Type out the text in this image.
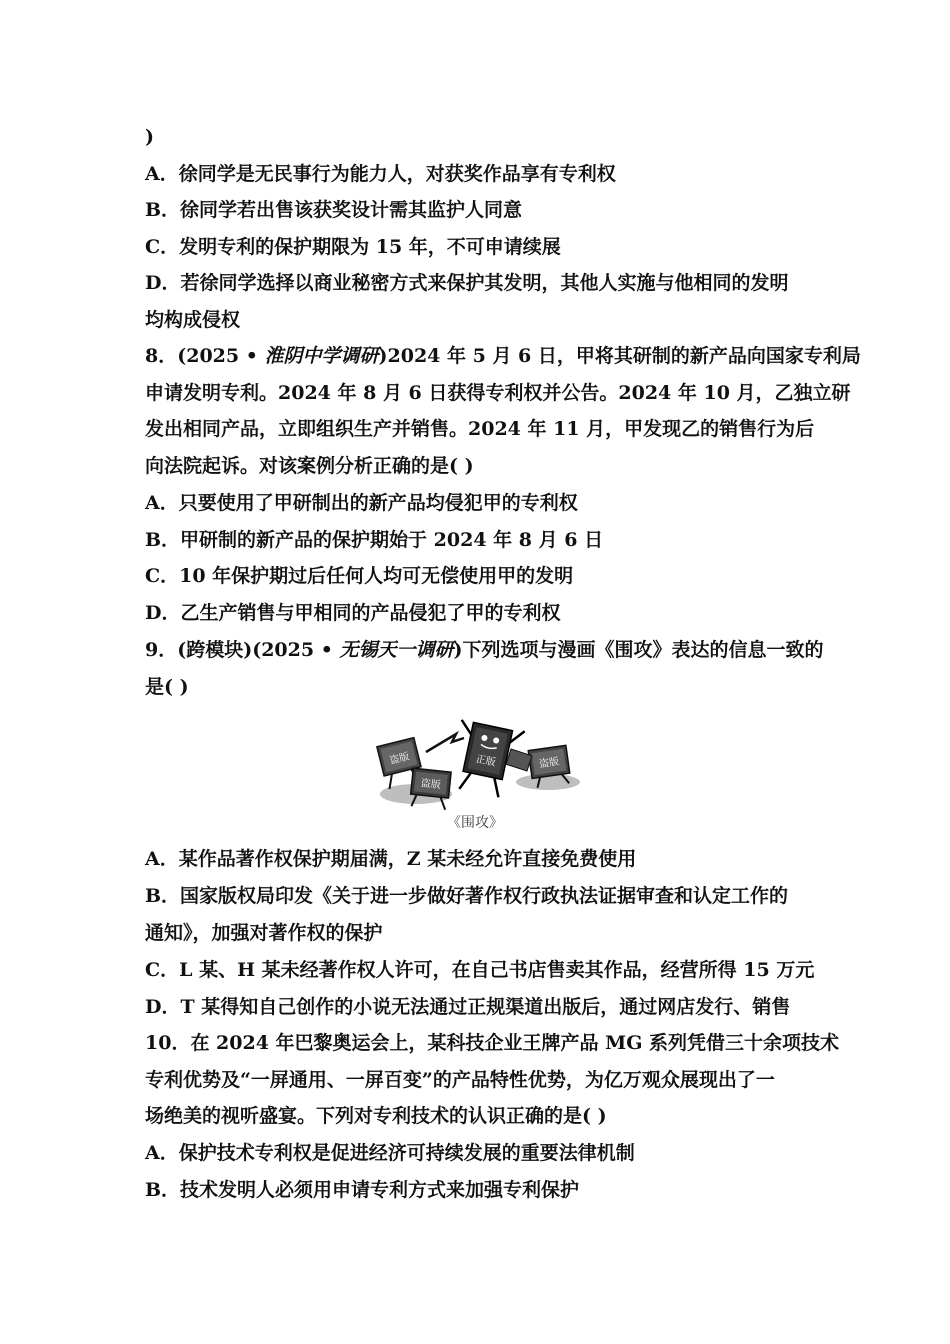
)
A．徐同学是无民事行为能力人，对获奖作品享有专利权
B．徐同学若出售该获奖设计需其监护人同意
C．发明专利的保护期限为 15 年，不可申请续展
D．若徐同学选择以商业秘密方式来保护其发明，其他人实施与他相同的发明
均构成侵权
8．(2025 • 淮阴中学调研)2024 年 5 月 6 日，甲将其研制的新产品向国家专利局
申请发明专利。2024 年 8 月 6 日获得专利权并公告。2024 年 10 月，乙独立研
发出相同产品，立即组织生产并销售。2024 年 11 月，甲发现乙的销售行为后
向法院起诉。对该案例分析正确的是( )
A．只要使用了甲研制出的新产品均侵犯甲的专利权
B．甲研制的新产品的保护期始于 2024 年 8 月 6 日
C．10 年保护期过后任何人均可无偿使用甲的发明
D．乙生产销售与甲相同的产品侵犯了甲的专利权
9．(跨模块)(2025 • 无锡天一调研)下列选项与漫画《围攻》表达的信息一致的
是( )
盗版
盗版
正版	盗版
《围攻》
A．某作品著作权保护期届满，Z 某未经允许直接免费使用
B．国家版权局印发《关于进一步做好著作权行政执法证据审查和认定工作的
通知》，加强对著作权的保护
C．L 某、H 某未经著作权人许可，在自己书店售卖其作品，经营所得 15 万元
D．T 某得知自己创作的小说无法通过正规渠道出版后，通过网店发行、销售
10．在 2024 年巴黎奥运会上，某科技企业王牌产品 MG 系列凭借三十余项技术
专利优势及“一屏通用、一屏百变”的产品特性优势，为亿万观众展现出了一
场绝美的视听盛宴。下列对专利技术的认识正确的是( )
A．保护技术专利权是促进经济可持续发展的重要法律机制
B．技术发明人必须用申请专利方式来加强专利保护
